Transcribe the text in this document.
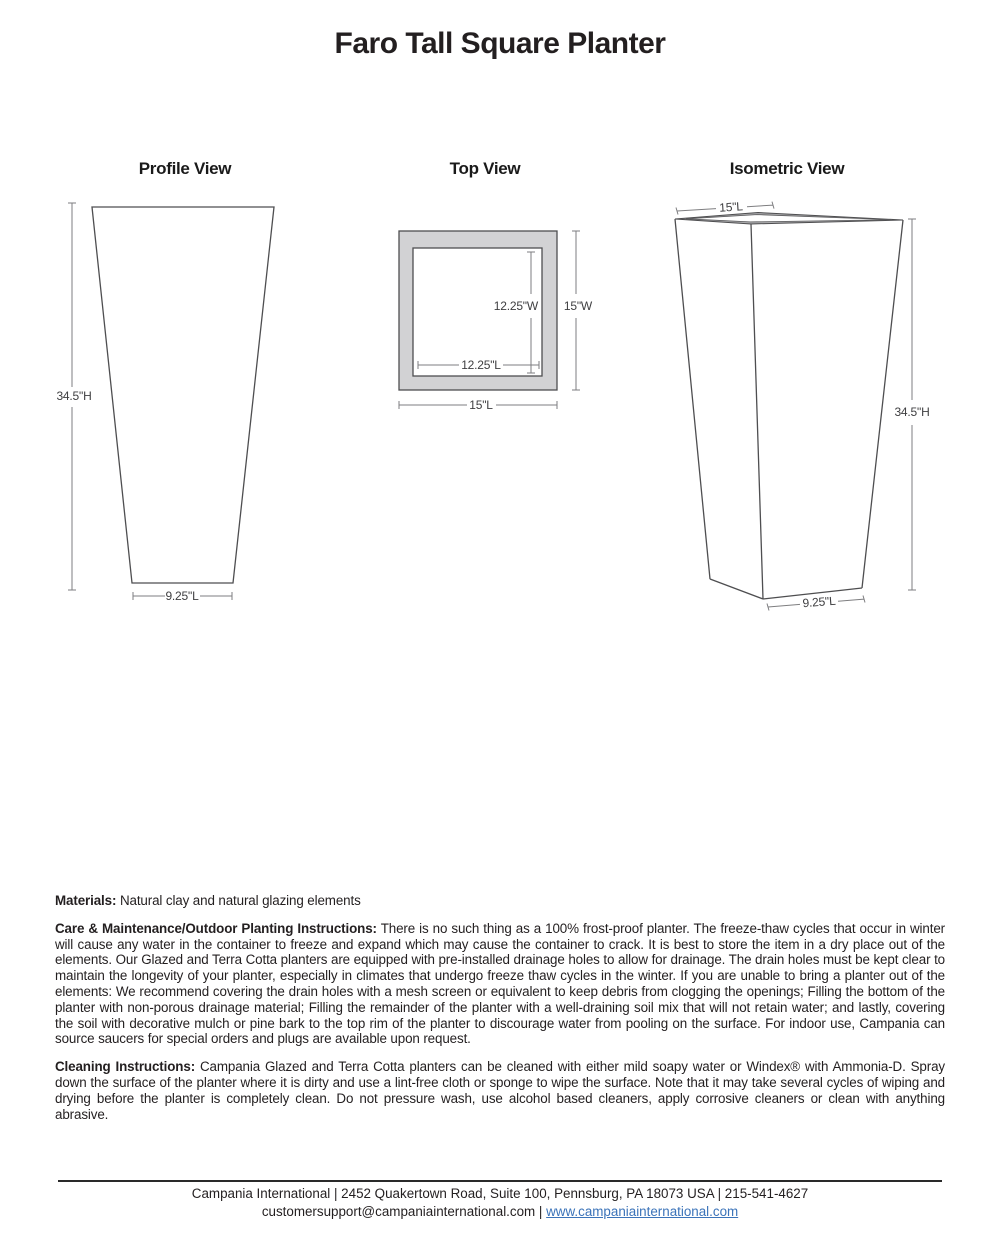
Faro Tall Square Planter
Profile View	Top View	Isometric View
34.5"H
9.25"L
12.25"W
12.25"L
15"W
15"L
15"L
34.5"H
9.25"L

Materials: Natural clay and natural glazing elements

Care & Maintenance/Outdoor Planting Instructions: There is no such thing as a 100% frost-proof planter. The freeze-thaw cycles that occur in winter will cause any water in the container to freeze and expand which may cause the container to crack. It is best to store the item in a dry place out of the elements. Our Glazed and Terra Cotta planters are equipped with pre-installed drainage holes to allow for drainage. The drain holes must be kept clear to maintain the longevity of your planter, especially in climates that undergo freeze thaw cycles in the winter. If you are unable to bring a planter out of the elements: We recommend covering the drain holes with a mesh screen or equivalent to keep debris from clogging the openings; Filling the bottom of the planter with non-porous drainage material; Filling the remainder of the planter with a well-draining soil mix that will not retain water; and lastly, covering the soil with decorative mulch or pine bark to the top rim of the planter to discourage water from pooling on the surface. For indoor use, Campania can source saucers for special orders and plugs are available upon request.

Cleaning Instructions: Campania Glazed and Terra Cotta planters can be cleaned with either mild soapy water or Windex® with Ammonia-D. Spray down the surface of the planter where it is dirty and use a lint-free cloth or sponge to wipe the surface. Note that it may take several cycles of wiping and drying before the planter is completely clean. Do not pressure wash, use alcohol based cleaners, apply corrosive cleaners or clean with anything abrasive.

Campania International | 2452 Quakertown Road, Suite 100, Pennsburg, PA 18073 USA | 215-541-4627
customersupport@campaniainternational.com | www.campaniainternational.com
